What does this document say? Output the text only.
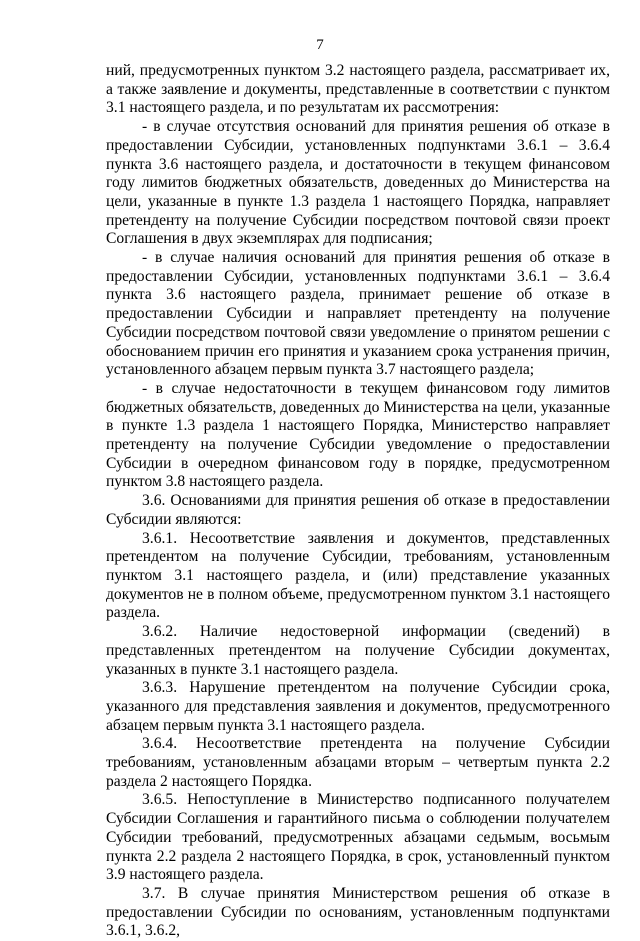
7

ний, предусмотренных пунктом 3.2 настоящего раздела, рассматривает их, а также заявление и документы, представленные в соответствии с пунктом 3.1 настоящего раздела, и по результатам их рассмотрения:

- в случае отсутствия оснований для принятия решения об отказе в предоставлении Субсидии, установленных подпунктами 3.6.1 – 3.6.4 пункта 3.6 настоящего раздела, и достаточности в текущем финансовом году лимитов бюджетных обязательств, доведенных до Министерства на цели, указанные в пункте 1.3 раздела 1 настоящего Порядка, направляет претенденту на получение Субсидии посредством почтовой связи проект Соглашения в двух экземплярах для подписания;

- в случае наличия оснований для принятия решения об отказе в предоставлении Субсидии, установленных подпунктами 3.6.1 – 3.6.4 пункта 3.6 настоящего раздела, принимает решение об отказе в предоставлении Субсидии и направляет претенденту на получение Субсидии посредством почтовой связи уведомление о принятом решении с обоснованием причин его принятия и указанием срока устранения причин, установленного абзацем первым пункта 3.7 настоящего раздела;

- в случае недостаточности в текущем финансовом году лимитов бюджетных обязательств, доведенных до Министерства на цели, указанные в пункте 1.3 раздела 1 настоящего Порядка, Министерство направляет претенденту на получение Субсидии уведомление о предоставлении Субсидии в очередном финансовом году в порядке, предусмотренном пунктом 3.8 настоящего раздела.

3.6. Основаниями для принятия решения об отказе в предоставлении Субсидии являются:

3.6.1. Несоответствие заявления и документов, представленных претендентом на получение Субсидии, требованиям, установленным пунктом 3.1 настоящего раздела, и (или) представление указанных документов не в полном объеме, предусмотренном пунктом 3.1 настоящего раздела.

3.6.2. Наличие недостоверной информации (сведений) в представленных претендентом на получение Субсидии документах, указанных в пункте 3.1 настоящего раздела.

3.6.3. Нарушение претендентом на получение Субсидии срока, указанного для представления заявления и документов, предусмотренного абзацем первым пункта 3.1 настоящего раздела.

3.6.4. Несоответствие претендента на получение Субсидии требованиям, установленным абзацами вторым – четвертым пункта 2.2 раздела 2 настоящего Порядка.

3.6.5. Непоступление в Министерство подписанного получателем Субсидии Соглашения и гарантийного письма о соблюдении получателем Субсидии требований, предусмотренных абзацами седьмым, восьмым пункта 2.2 раздела 2 настоящего Порядка, в срок, установленный пунктом 3.9 настоящего раздела.

3.7. В случае принятия Министерством решения об отказе в предоставлении Субсидии по основаниям, установленным подпунктами 3.6.1, 3.6.2,
